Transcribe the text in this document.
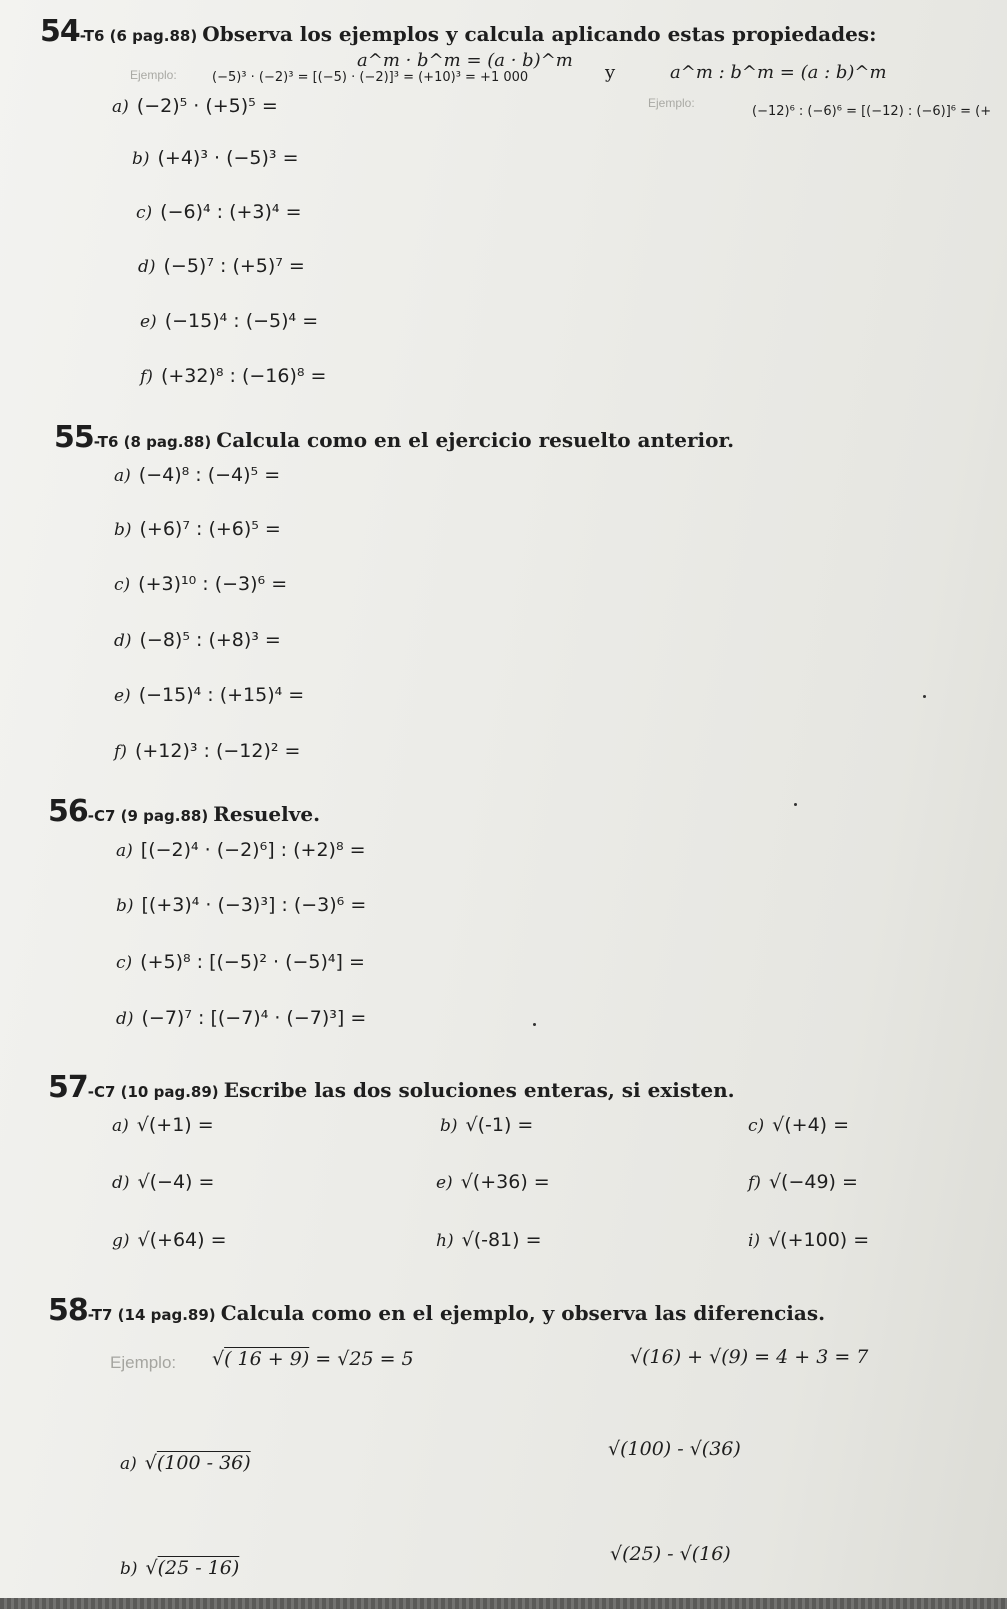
54-T6 (6 pag.88) Observa los ejemplos y calcula aplicando estas propiedades:
a^m · b^m = (a · b)^m
y	a^m : b^m = (a : b)^m
Ejemplo:	(−5)³ · (−2)³ = [(−5) · (−2)]³ = (+10)³ = +1 000
Ejemplo:
(−12)⁶ : (−6)⁶ = [(−12) : (−6)]⁶ = (+
a) (−2)⁵ · (+5)⁵ =
b) (+4)³ · (−5)³ =
c) (−6)⁴ : (+3)⁴ =
d) (−5)⁷ : (+5)⁷ =
e) (−15)⁴ : (−5)⁴ =
f) (+32)⁸ : (−16)⁸ =
55-T6 (8 pag.88) Calcula como en el ejercicio resuelto anterior.
a) (−4)⁸ : (−4)⁵ =
b) (+6)⁷ : (+6)⁵ =
c) (+3)¹⁰ : (−3)⁶ =
d) (−8)⁵ : (+8)³ =
e) (−15)⁴ : (+15)⁴ =
f) (+12)³ : (−12)² =
56-C7 (9 pag.88) Resuelve.
a) [(−2)⁴ · (−2)⁶] : (+2)⁸ =
b) [(+3)⁴ · (−3)³] : (−3)⁶ =
c) (+5)⁸ : [(−5)² · (−5)⁴] =
d) (−7)⁷ : [(−7)⁴ · (−7)³] =
57-C7 (10 pag.89) Escribe las dos soluciones enteras, si existen.
a) √(+1) =	b) √(-1) =	c) √(+4) =
d) √(−4) =	e) √(+36) =	f) √(−49) =
g) √(+64) =	h) √(-81) =	i) √(+100) =
58-T7 (14 pag.89) Calcula como en el ejemplo, y observa las diferencias.
Ejemplo: √( 16 + 9) = √25 = 5	√(16) + √(9) = 4 + 3 = 7
a) √(100 - 36)
√(100) - √(36)
b) √(25 - 16)
√(25) - √(16)
